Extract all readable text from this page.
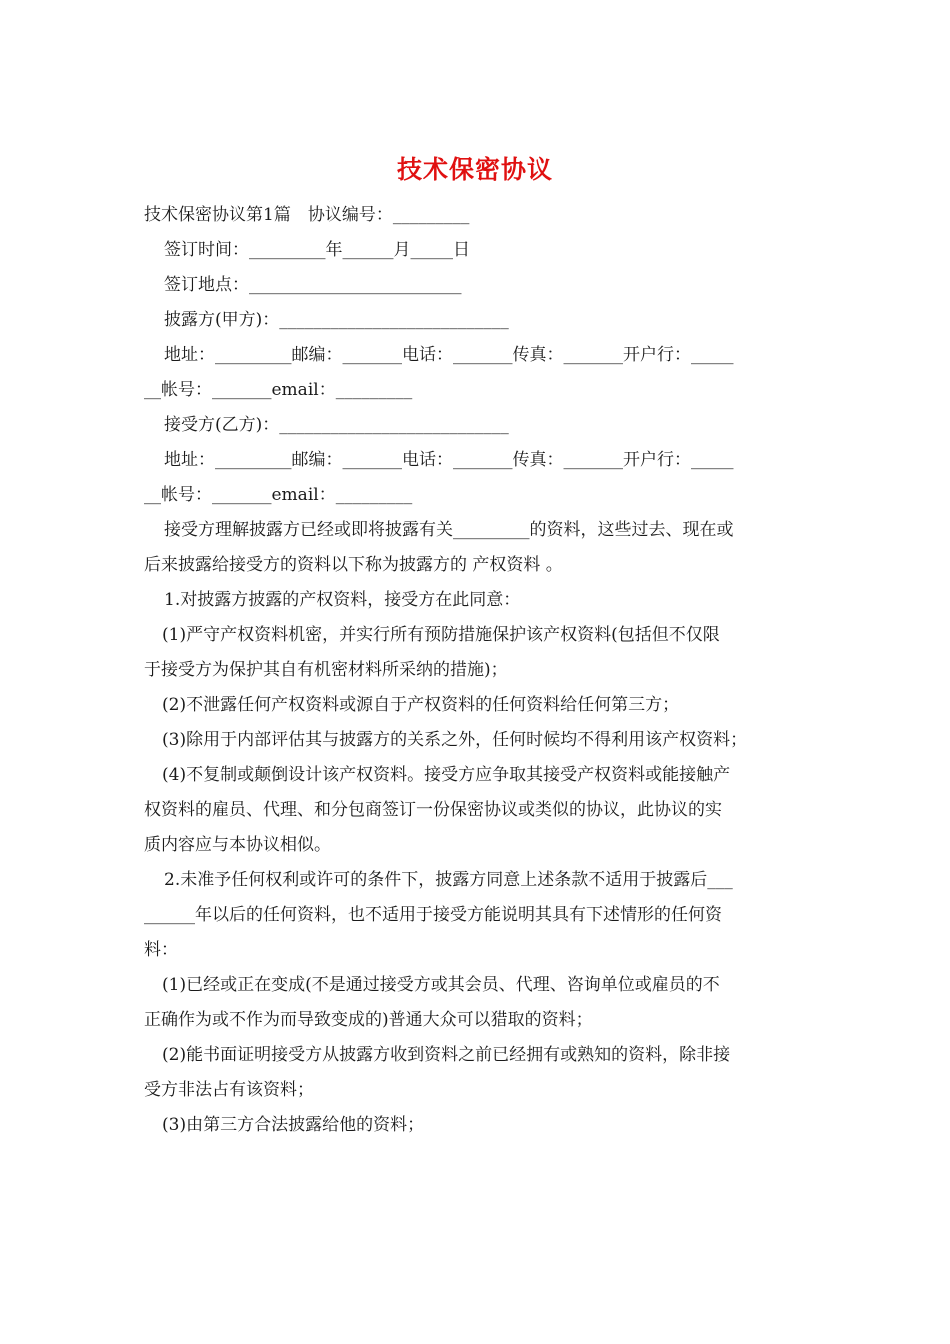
技术保密协议
技术保密协议第1篇　协议编号：_________
签订时间：_________年______月_____日
签订地点：_________________________
披露方(甲方)：___________________________
地址：_________邮编：_______电话：_______传真：_______开户行：_____
__帐号：_______email：_________
接受方(乙方)：___________________________
地址：_________邮编：_______电话：_______传真：_______开户行：_____
__帐号：_______email：_________
接受方理解披露方已经或即将披露有关_________的资料，这些过去、现在或
后来披露给接受方的资料以下称为披露方的 产权资料 。
1.对披露方披露的产权资料，接受方在此同意：
(1)严守产权资料机密，并实行所有预防措施保护该产权资料(包括但不仅限
于接受方为保护其自有机密材料所采纳的措施)；
(2)不泄露任何产权资料或源自于产权资料的任何资料给任何第三方；
(3)除用于内部评估其与披露方的关系之外，任何时候均不得利用该产权资料；
(4)不复制或颠倒设计该产权资料。接受方应争取其接受产权资料或能接触产
权资料的雇员、代理、和分包商签订一份保密协议或类似的协议，此协议的实
质内容应与本协议相似。
2.未准予任何权利或许可的条件下，披露方同意上述条款不适用于披露后___
______年以后的任何资料，也不适用于接受方能说明其具有下述情形的任何资
料：
(1)已经或正在变成(不是通过接受方或其会员、代理、咨询单位或雇员的不
正确作为或不作为而导致变成的)普通大众可以猎取的资料；
(2)能书面证明接受方从披露方收到资料之前已经拥有或熟知的资料，除非接
受方非法占有该资料；
(3)由第三方合法披露给他的资料；
